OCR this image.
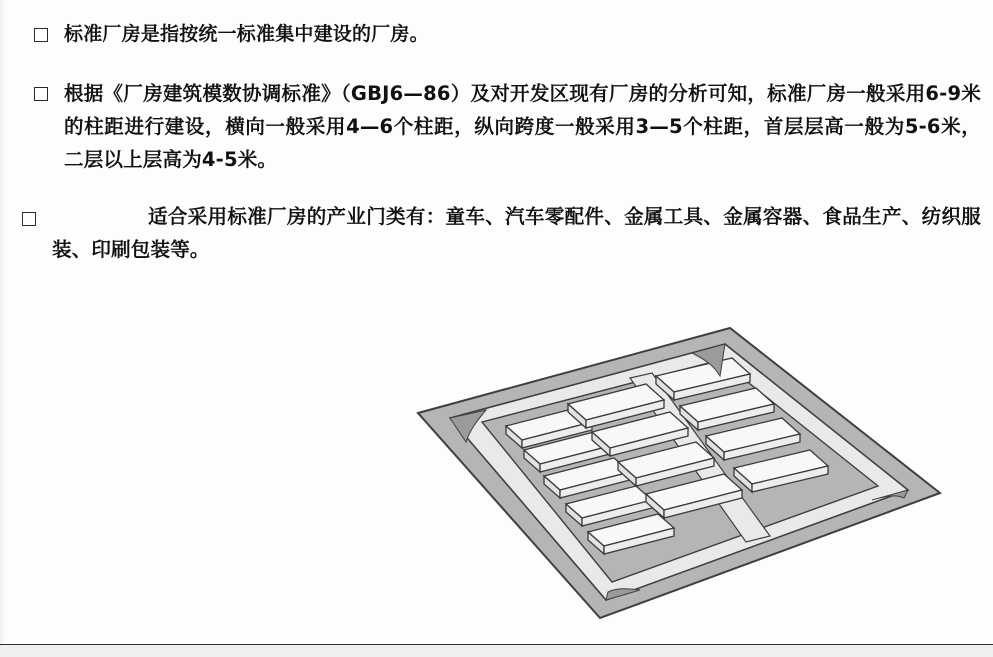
标准厂房是指按统一标准集中建设的厂房。
根据《厂房建筑模数协调标准》（GBJ6—86）及对开发区现有厂房的分析可知，标准厂房一般采用6-9米的柱距进行建设，横向一般采用4—6个柱距，纵向跨度一般采用3—5个柱距，首层层高一般为5-6米，二层以上层高为4-5米。
适合采用标准厂房的产业门类有：童车、汽车零配件、金属工具、金属容器、食品生产、纺织服装、印刷包装等。
